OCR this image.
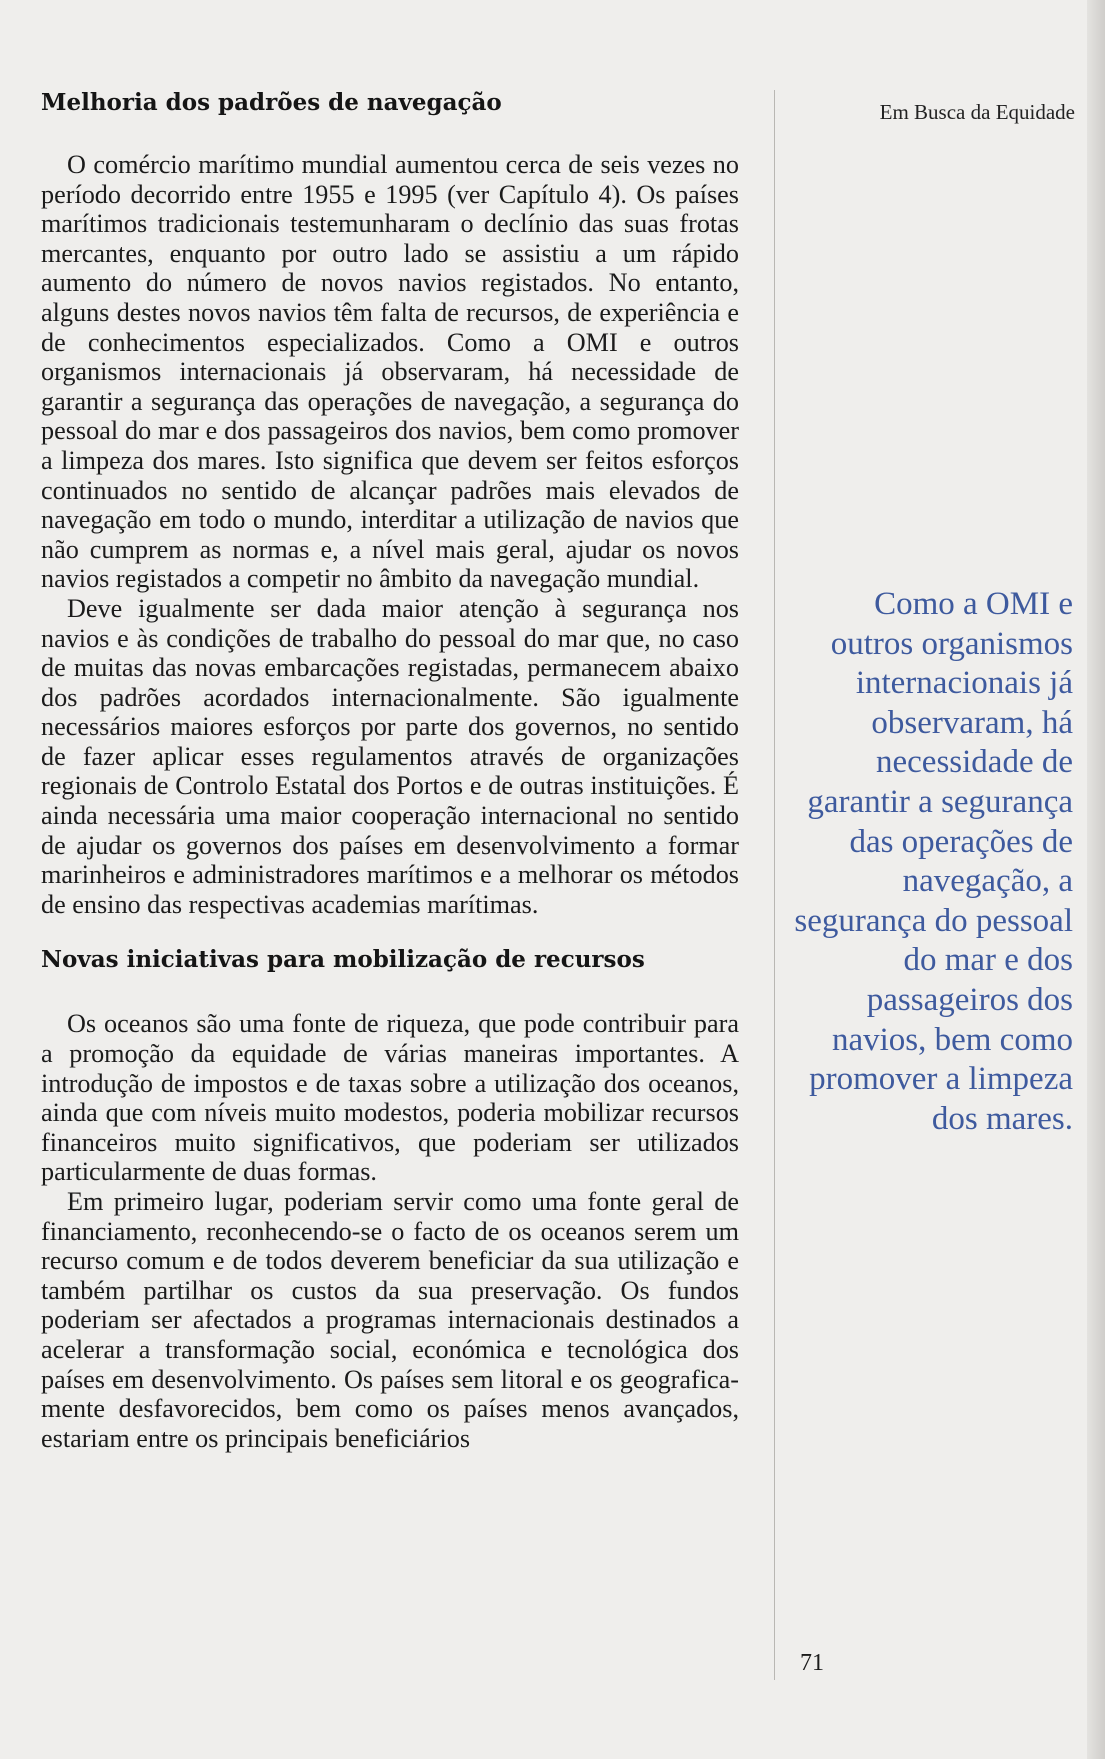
Melhoria dos padrões de navegação

O comércio marítimo mundial aumentou cerca de seis vezes no período decorrido entre 1955 e 1995 (ver Capítulo 4). Os países marítimos tradicionais testemunharam o declínio das suas frotas mercantes, enquanto por outro lado se assistiu a um rápido aumento do número de novos navios registados. No entanto, alguns destes novos navios têm falta de recursos, de experiência e de conhecimentos especializados. Como a OMI e outros organismos internacionais já observaram, há necessidade de garantir a segurança das operações de navegação, a segurança do pessoal do mar e dos passageiros dos navios, bem como promover a limpeza dos mares. Isto significa que devem ser feitos esforços continuados no sentido de alcançar padrões mais elevados de navegação em todo o mundo, interditar a utilização de navios que não cumprem as normas e, a nível mais geral, ajudar os novos navios registados a competir no âmbito da navegação mundial.

Deve igualmente ser dada maior atenção à segurança nos navios e às condições de trabalho do pessoal do mar que, no caso de muitas das novas embarcações registadas, permanecem abaixo dos padrões acordados internacionalmente. São igualmente necessários maiores esforços por parte dos governos, no sentido de fazer aplicar esses regulamentos através de organizações regionais de Controlo Estatal dos Portos e de outras instituições. É ainda necessária uma maior cooperação internacional no sentido de ajudar os governos dos países em desenvolvimento a formar marinheiros e administradores marítimos e a melhorar os métodos de ensino das respectivas academias marítimas.

Novas iniciativas para mobilização de recursos

Os oceanos são uma fonte de riqueza, que pode contribuir para a promoção da equidade de várias maneiras importantes. A introdução de impostos e de taxas sobre a utilização dos oceanos, ainda que com níveis muito modestos, poderia mobilizar recursos financeiros muito significativos, que poderiam ser utilizados particularmente de duas formas.

Em primeiro lugar, poderiam servir como uma fonte geral de financiamento, reconhecendo-se o facto de os oceanos serem um recurso comum e de todos deverem beneficiar da sua utilização e também partilhar os custos da sua preservação. Os fundos poderiam ser afectados a programas internacionais destinados a acelerar a transformação social, económica e tecnológica dos países em desenvolvimento. Os países sem litoral e os geograficamente desfavorecidos, bem como os países menos avançados, estariam entre os principais beneficiários

Em Busca da Equidade

Como a OMI e outros organismos internacionais já observaram, há necessidade de garantir a segurança das operações de navegação, a segurança do pessoal do mar e dos passageiros dos navios, bem como promover a limpeza dos mares.

71
